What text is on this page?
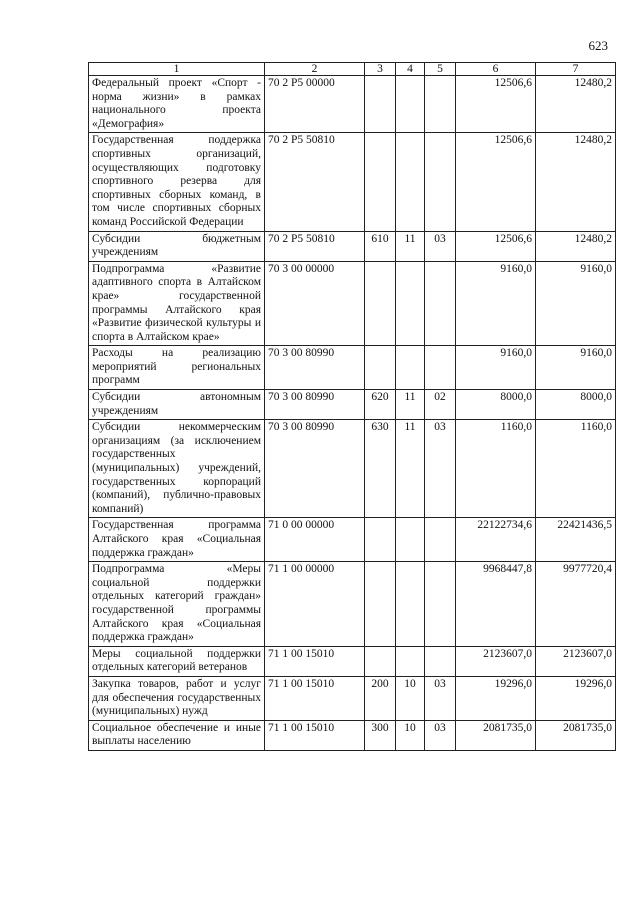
623
1	2	3	4	5	6	7
Федеральный проект «Спорт - норма жизни» в рамках национального проекта «Демография»	70 2 P5 00000				12506,6	12480,2
Государственная поддержка спортивных организаций, осуществляющих подготовку спортивного резерва для спортивных сборных команд, в том числе спортивных сборных команд Российской Федерации	70 2 P5 50810				12506,6	12480,2
Субсидии бюджетным учреждениям	70 2 P5 50810	610	11	03	12506,6	12480,2
Подпрограмма «Развитие адаптивного спорта в Алтайском крае» государственной программы Алтайского края «Развитие физической культуры и спорта в Алтайском крае»	70 3 00 00000				9160,0	9160,0
Расходы на реализацию мероприятий региональных программ	70 3 00 80990				9160,0	9160,0
Субсидии автономным учреждениям	70 3 00 80990	620	11	02	8000,0	8000,0
Субсидии некоммерческим организациям (за исключением государственных (муниципальных) учреждений, государственных корпораций (компаний), публично-правовых компаний)	70 3 00 80990	630	11	03	1160,0	1160,0
Государственная программа Алтайского края «Социальная поддержка граждан»	71 0 00 00000				22122734,6	22421436,5
Подпрограмма «Меры социальной поддержки отдельных категорий граждан» государственной программы Алтайского края «Социальная поддержка граждан»	71 1 00 00000				9968447,8	9977720,4
Меры социальной поддержки отдельных категорий ветеранов	71 1 00 15010				2123607,0	2123607,0
Закупка товаров, работ и услуг для обеспечения государственных (муниципальных) нужд	71 1 00 15010	200	10	03	19296,0	19296,0
Социальное обеспечение и иные выплаты населению	71 1 00 15010	300	10	03	2081735,0	2081735,0
